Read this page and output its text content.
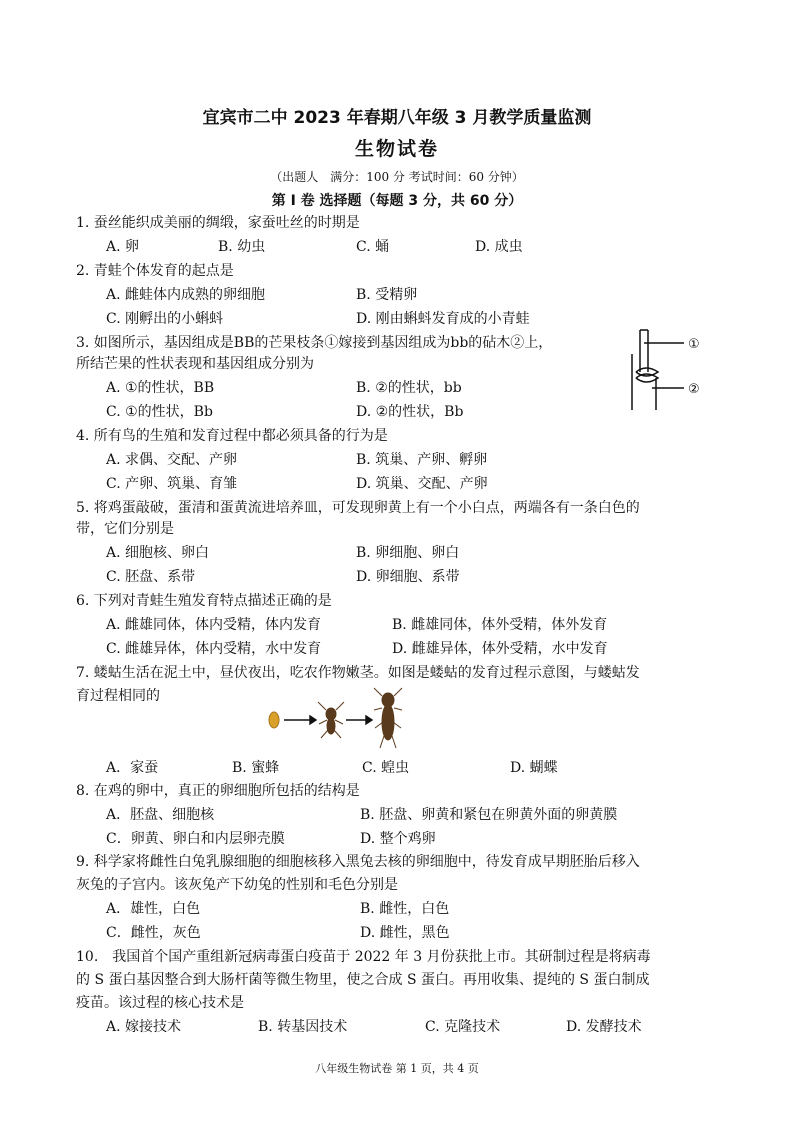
宜宾市二中 2023 年春期八年级 3 月教学质量监测
生物试卷
（出题人　满分：100 分 考试时间：60 分钟）
第 I 卷 选择题（每题 3 分，共 60 分）
1. 蚕丝能织成美丽的绸缎，家蚕吐丝的时期是
A. 卵	B. 幼虫	C. 蛹	D. 成虫
2. 青蛙个体发育的起点是
A. 雌蛙体内成熟的卵细胞	B. 受精卵
C. 刚孵出的小蝌蚪	D. 刚由蝌蚪发育成的小青蛙
3. 如图所示，基因组成是BB的芒果枝条①嫁接到基因组成为bb的砧木②上，
所结芒果的性状表现和基因组成分别为
A. ①的性状，BB	B. ②的性状，bb
C. ①的性状，Bb	D. ②的性状，Bb
①
②
4. 所有鸟的生殖和发育过程中都必须具备的行为是
A. 求偶、交配、产卵	B. 筑巢、产卵、孵卵
C. 产卵、筑巢、育雏	D. 筑巢、交配、产卵
5. 将鸡蛋敲破，蛋清和蛋黄流进培养皿，可发现卵黄上有一个小白点，两端各有一条白色的
带，它们分别是
A. 细胞核、卵白	B. 卵细胞、卵白
C. 胚盘、系带	D. 卵细胞、系带
6. 下列对青蛙生殖发育特点描述正确的是
A. 雌雄同体，体内受精，体内发育	B. 雌雄同体，体外受精，体外发育
C. 雌雄异体，体内受精，水中发育	D. 雌雄异体，体外受精，水中发育
7. 蝼蛄生活在泥土中，昼伏夜出，吃农作物嫩茎。如图是蝼蛄的发育过程示意图，与蝼蛄发
育过程相同的
A．家蚕	B. 蜜蜂	C. 蝗虫	D. 蝴蝶
8. 在鸡的卵中，真正的卵细胞所包括的结构是
A．胚盘、细胞核	B. 胚盘、卵黄和紧包在卵黄外面的卵黄膜
C．卵黄、卵白和内层卵壳膜	D. 整个鸡卵
9. 科学家将雌性白兔乳腺细胞的细胞核移入黑兔去核的卵细胞中，待发育成早期胚胎后移入
灰兔的子宫内。该灰兔产下幼兔的性别和毛色分别是
A．雄性，白色	B. 雌性，白色
C．雌性，灰色	D. 雌性，黑色
10.　我国首个国产重组新冠病毒蛋白疫苗于 2022 年 3 月份获批上市。其研制过程是将病毒
的 S 蛋白基因整合到大肠杆菌等微生物里，使之合成 S 蛋白。再用收集、提纯的 S 蛋白制成
疫苗。该过程的核心技术是
A. 嫁接技术	B. 转基因技术	C. 克隆技术	D. 发酵技术
八年级生物试卷 第 1 页，共 4 页
